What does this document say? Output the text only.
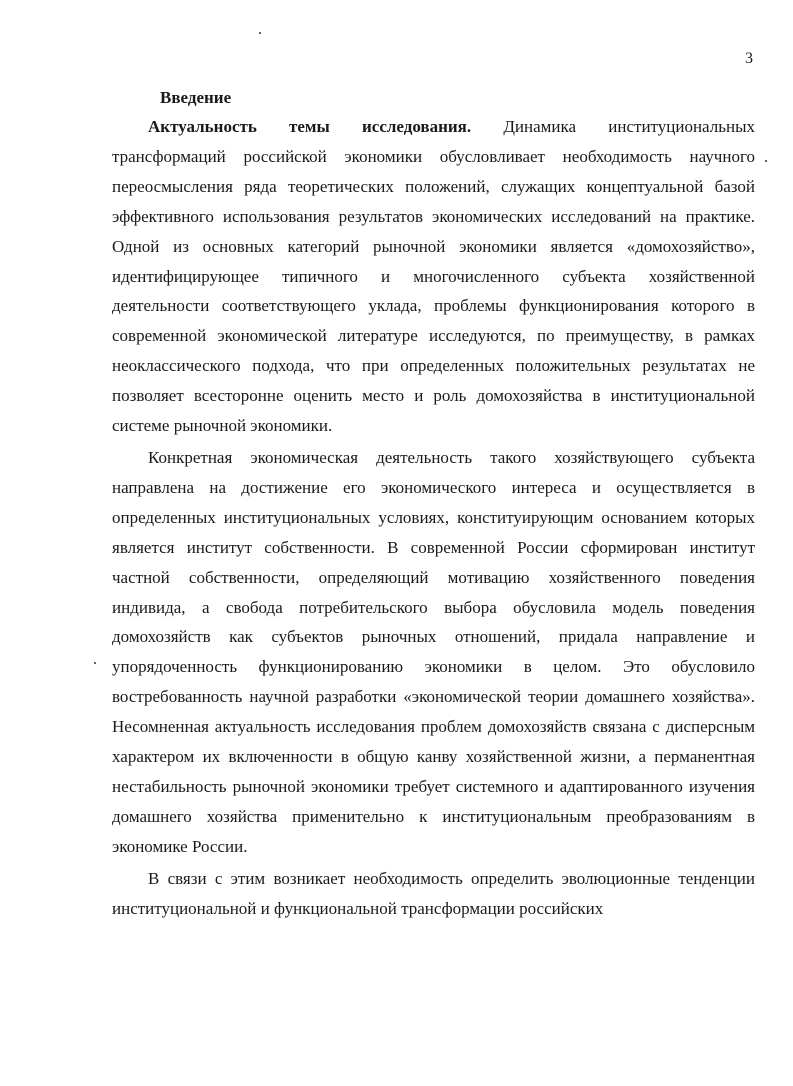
3

Введение

Актуальность темы исследования. Динамика институциональных трансформаций российской экономики обусловливает необходимость научного переосмысления ряда теоретических положений, служащих концептуальной базой эффективного использования результатов экономических исследований на практике. Одной из основных категорий рыночной экономики является «домохозяйство», идентифицирующее типичного и многочисленного субъекта хозяйственной деятельности соответствующего уклада, проблемы функционирования которого в современной экономической литературе исследуются, по преимуществу, в рамках неоклассического подхода, что при определенных положительных результатах не позволяет всесторонне оценить место и роль домохозяйства в институциональной системе рыночной экономики.

Конкретная экономическая деятельность такого хозяйствующего субъекта направлена на достижение его экономического интереса и осуществляется в определенных институциональных условиях, конституирующим основанием которых является институт собственности. В современной России сформирован институт частной собственности, определяющий мотивацию хозяйственного поведения индивида, а свобода потребительского выбора обусловила модель поведения домохозяйств как субъектов рыночных отношений, придала направление и упорядоченность функционированию экономики в целом. Это обусловило востребованность научной разработки «экономической теории домашнего хозяйства». Несомненная актуальность исследования проблем домохозяйств связана с дисперсным характером их включенности в общую канву хозяйственной жизни, а перманентная нестабильность рыночной экономики требует системного и адаптированного изучения домашнего хозяйства применительно к институциональным преобразованиям в экономике России.

В связи с этим возникает необходимость определить эволюционные тенденции институциональной и функциональной трансформации российских
